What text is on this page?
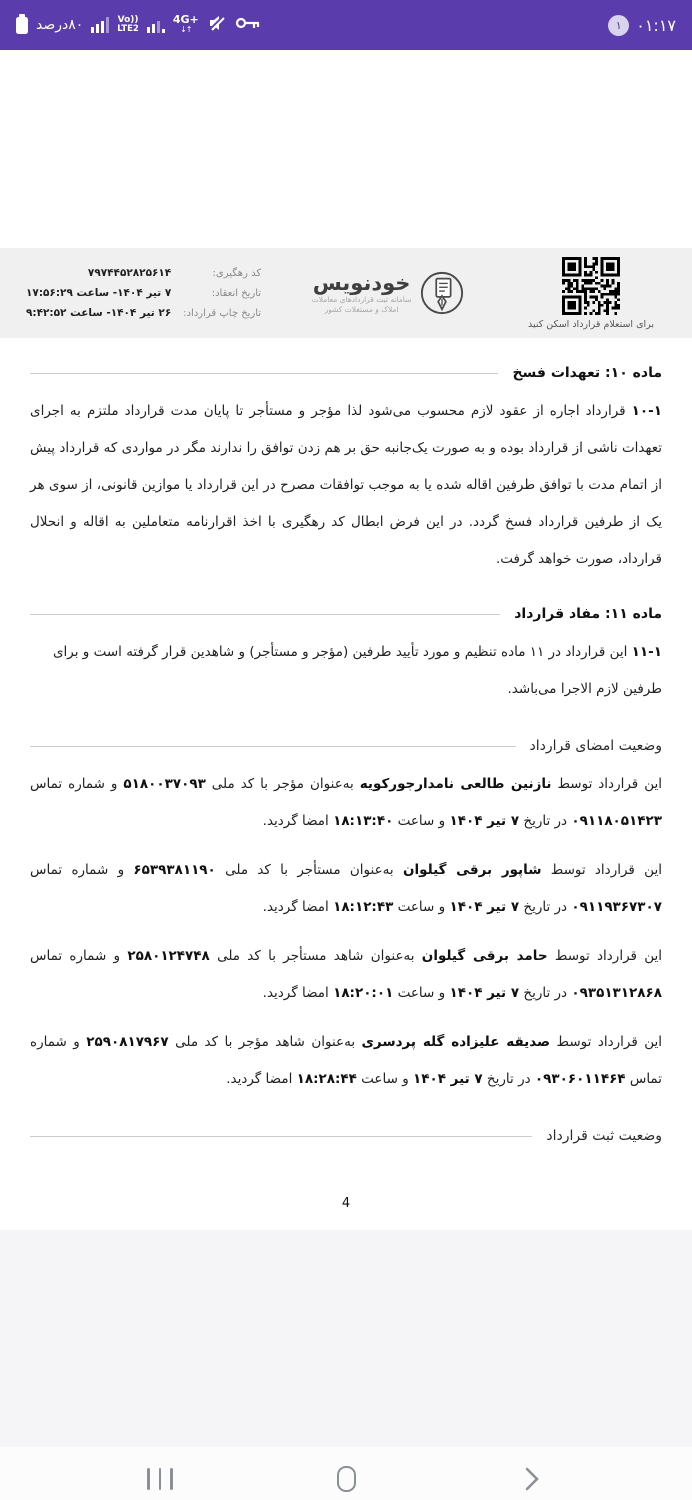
۸۰درصد	Vo))
LTE2
4G+
↓↑	۱ ۰۱:۱۷
برای استعلام قرارداد اسکن کنید
خودنویس
سامانه ثبت قراردادهای معاملات
املاک و مستغلات کشور
کد رهگیری:
۷۹۷۴۴۵۲۸۲۵۶۱۴
تاریخ انعقاد:
۷ تیر ۱۴۰۴- ساعت ۱۷:۵۶:۲۹
تاریخ چاپ قرارداد:
۲۶ تیر ۱۴۰۴- ساعت ۹:۴۲:۵۲
ماده ۱۰: تعهدات فسخ

۱۰-۱ قرارداد اجاره از عقود لازم محسوب می‌شود لذا مؤجر و مستأجر تا پایان مدت قرارداد ملتزم به اجرای تعهدات ناشی از قرارداد بوده و به صورت یک‌جانبه حق بر هم زدن توافق را ندارند مگر در مواردی که قرارداد پیش از اتمام مدت با توافق طرفین اقاله شده یا به موجب توافقات مصرح در این قرارداد یا موازین قانونی، از سوی هر یک از طرفین قرارداد فسخ گردد. در این فرض ابطال کد رهگیری با اخذ اقرارنامه متعاملین به اقاله و انحلال قرارداد، صورت خواهد گرفت.

ماده ۱۱: مفاد قرارداد

۱۱-۱ این قرارداد در ۱۱ ماده تنظیم و مورد تأیید طرفین (مؤجر و مستأجر) و شاهدین قرار گرفته است و برای طرفین لازم الاجرا می‌باشد.

وضعیت امضای قرارداد

این قرارداد توسط نازنین طالعی نامدارجورکویه به‌عنوان مؤجر با کد ملی ۵۱۸۰۰۳۷۰۹۳ و شماره تماس ۰۹۱۱۸۰۵۱۴۲۳ در تاریخ ۷ تیر ۱۴۰۴ و ساعت ۱۸:۱۳:۴۰ امضا گردید.

این قرارداد توسط شاپور برقی گیلوان به‌عنوان مستأجر با کد ملی ۶۵۳۹۳۸۱۱۹۰ و شماره تماس ۰۹۱۱۹۳۶۷۳۰۷ در تاریخ ۷ تیر ۱۴۰۴ و ساعت ۱۸:۱۲:۴۳ امضا گردید.

این قرارداد توسط حامد برقی گیلوان به‌عنوان شاهد مستأجر با کد ملی ۲۵۸۰۱۲۴۷۴۸ و شماره تماس ۰۹۳۵۱۳۱۲۸۶۸ در تاریخ ۷ تیر ۱۴۰۴ و ساعت ۱۸:۲۰:۰۱ امضا گردید.

این قرارداد توسط صدیقه علیزاده گله پردسری به‌عنوان شاهد مؤجر با کد ملی ۲۵۹۰۸۱۷۹۶۷ و شماره تماس ۰۹۳۰۶۰۱۱۴۶۴ در تاریخ ۷ تیر ۱۴۰۴ و ساعت ۱۸:۲۸:۴۴ امضا گردید.

وضعیت ثبت قرارداد
4
